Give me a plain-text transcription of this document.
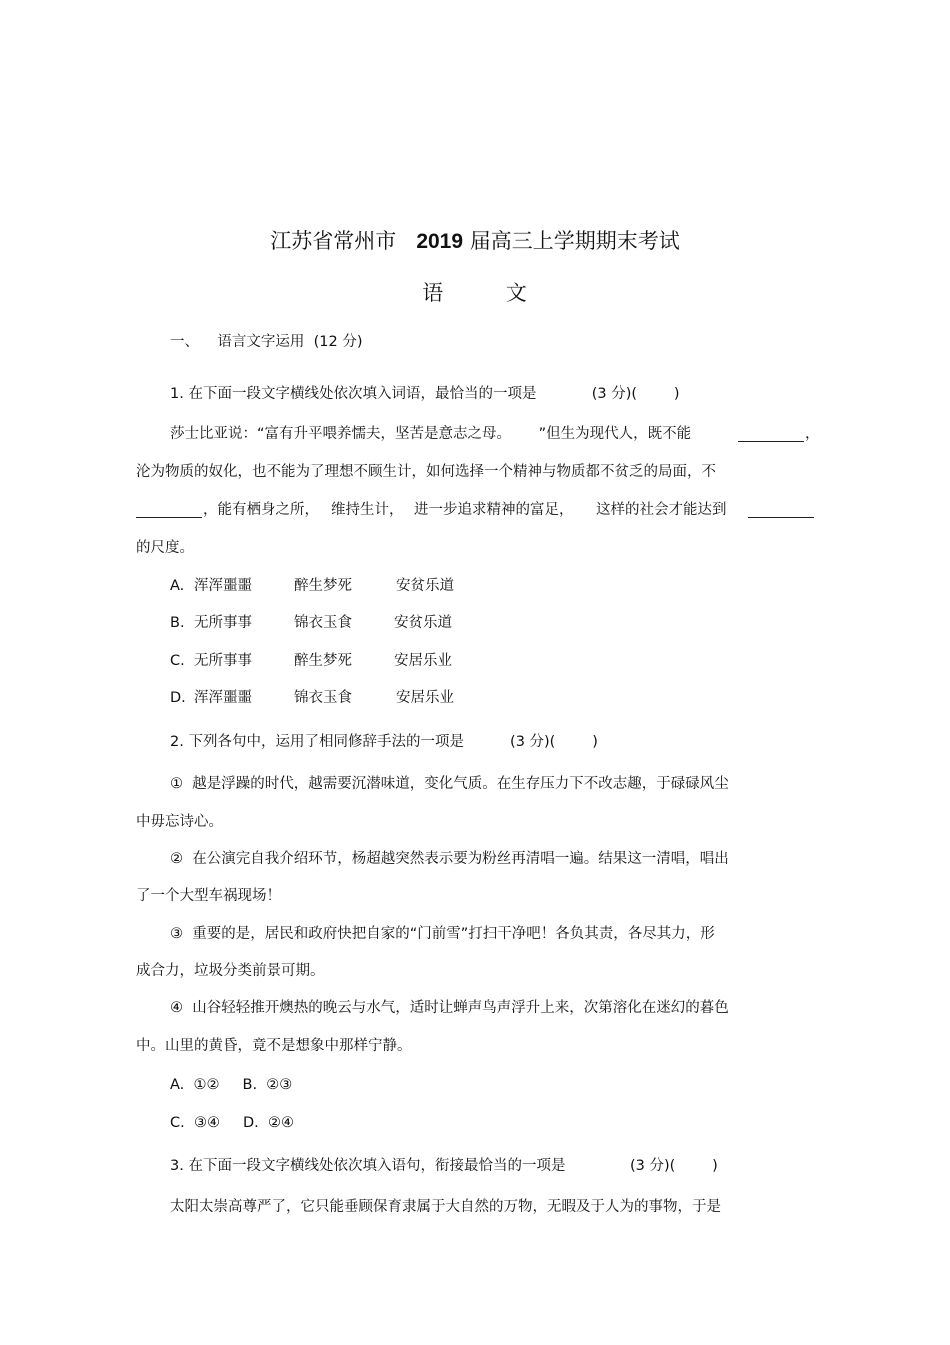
江苏省常州市 2019 届高三上学期期末考试
语        文
一、    语言文字运用  (12 分)
1. 在下面一段文字横线处依次填入词语，最恰当的一项是            (3 分)(        )
莎士比亚说：“富有升平喂养懦夫，坚苦是意志之母。      ”但生为现代人，既不能	，
沦为物质的奴化，也不能为了理想不顾生计，如何选择一个精神与物质都不贫乏的局面，不
，能有栖身之所， 维持生计， 进一步追求精神的富足， 这样的社会才能达到
的尺度。
A. 浑浑噩噩	醉生梦死	安贫乐道
B. 无所事事	锦衣玉食	安贫乐道
C. 无所事事	醉生梦死	安居乐业
D. 浑浑噩噩	锦衣玉食	安居乐业
2. 下列各句中，运用了相同修辞手法的一项是          (3 分)(        )
①  越是浮躁的时代，越需要沉潜味道，变化气质。在生存压力下不改志趣，于碌碌风尘
中毋忘诗心。
②  在公演完自我介绍环节，杨超越突然表示要为粉丝再清唱一遍。结果这一清唱，唱出
了一个大型车祸现场！
③  重要的是，居民和政府快把自家的“门前雪”打扫干净吧！各负其责，各尽其力，形
成合力，垃圾分类前景可期。
④  山谷轻轻推开燠热的晚云与水气，适时让蝉声鸟声浮升上来，次第溶化在迷幻的暮色
中。山里的黄昏，竟不是想象中那样宁静。
A.  ①②     B.  ②③
C.  ③④     D.  ②④
3. 在下面一段文字横线处依次填入语句，衔接最恰当的一项是              (3 分)(        )
太阳太崇高尊严了，它只能垂顾保育隶属于大自然的万物，无暇及于人为的事物，于是
